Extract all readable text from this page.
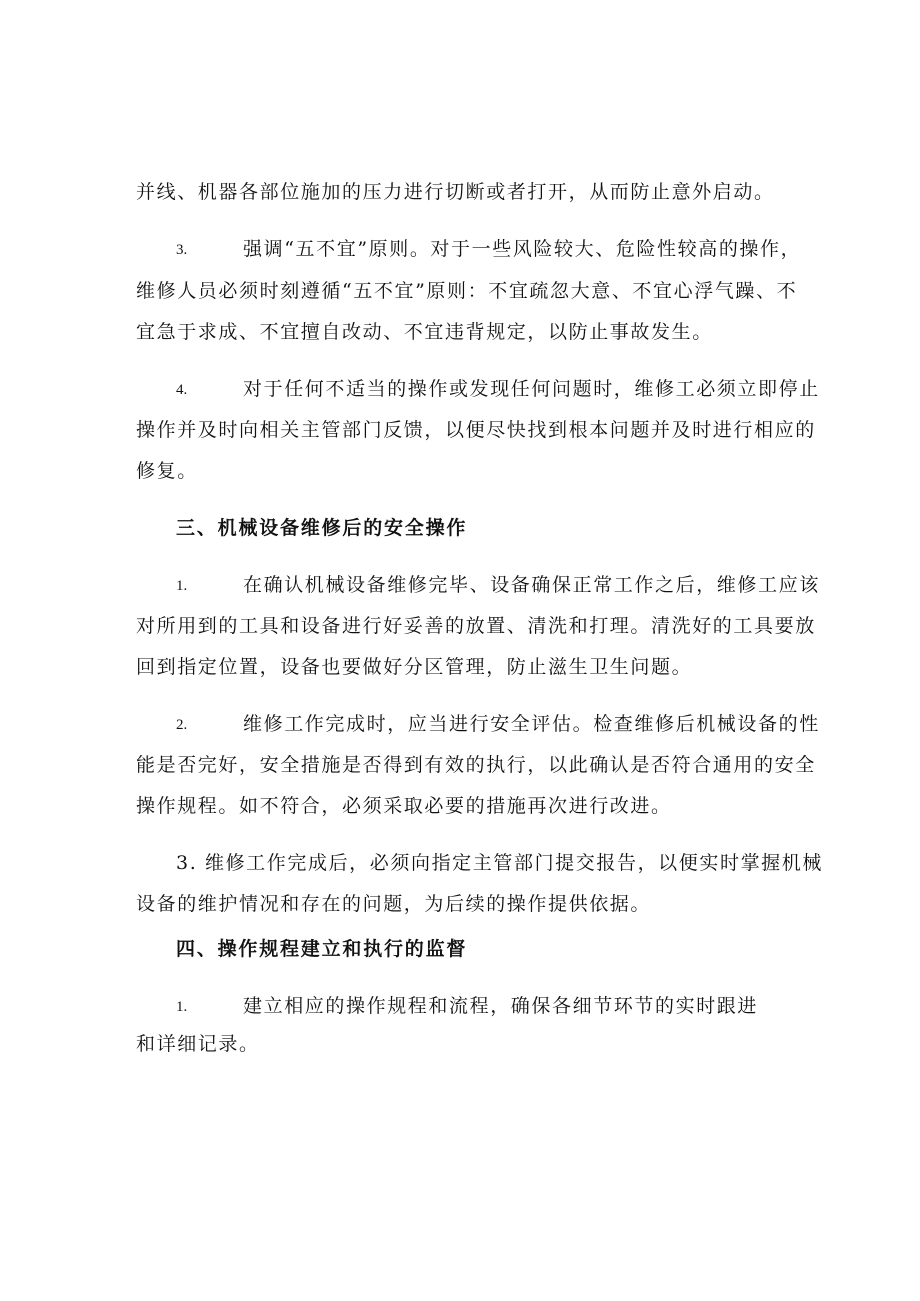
并线、机器各部位施加的压力进行切断或者打开，从而防止意外启动。
3.	强调“五不宜”原则。对于一些风险较大、危险性较高的操作，
维修人员必须时刻遵循“五不宜”原则：不宜疏忽大意、不宜心浮气躁、不
宜急于求成、不宜擅自改动、不宜违背规定，以防止事故发生。
4.	对于任何不适当的操作或发现任何问题时，维修工必须立即停止
操作并及时向相关主管部门反馈，以便尽快找到根本问题并及时进行相应的
修复。
三、机械设备维修后的安全操作
1.	在确认机械设备维修完毕、设备确保正常工作之后，维修工应该
对所用到的工具和设备进行好妥善的放置、清洗和打理。清洗好的工具要放
回到指定位置，设备也要做好分区管理，防止滋生卫生问题。
2.	维修工作完成时，应当进行安全评估。检查维修后机械设备的性
能是否完好，安全措施是否得到有效的执行，以此确认是否符合通用的安全
操作规程。如不符合，必须采取必要的措施再次进行改进。
3. 维修工作完成后，必须向指定主管部门提交报告，以便实时掌握机械
设备的维护情况和存在的问题，为后续的操作提供依据。
四、操作规程建立和执行的监督
1.	建立相应的操作规程和流程，确保各细节环节的实时跟进
和详细记录。
